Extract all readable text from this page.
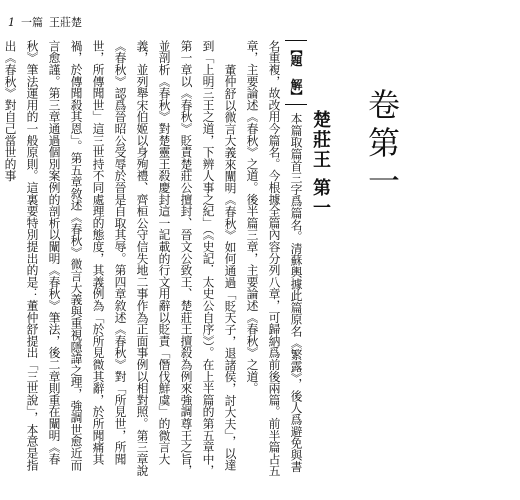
1 一篇 王莊楚
卷第一
楚莊王 第一

【題　解】 本篇取篇首三字爲篇名。清蘇輿據此篇原名《繁露》，後人爲避免與書名重複，故改用今篇名。今根據全篇內容分列八章，可歸納爲前後兩篇。前半篇占五章，主要論述《春秋》之道。後半篇三章，主要論述《春秋》之道。

董仲舒以微言大義來闡明《春秋》如何通過「貶天子，退諸侯，討大夫」，以達到「上明三王之道，下辨人事之紀」（《史記．太史公自序》）。在上半篇的第五章中，第一章以《春秋》貶責楚莊公擅封、晉文公致王、楚莊王擅殺為例來強調尊王之旨，並剖析《春秋》對楚靈王殺慶封這一記載的行文用辭以貶責「僭伐鮮虞」的微言大義，並列舉宋伯姬以身殉禮、齊桓公守信失地二事作為正面事例以相對照。第三章說《春秋》認爲晉昭公受辱於晉是自取其辱。第四章敘述《春秋》對「所見世，所聞世，所傳聞世」這三世持不同處理的態度，其義例為「於所見微其辭，於所聞痛其禍，於傳聞殺其恩」。第五章敘述《春秋》微言大義與重視隱諱之理，強調世愈近而言愈謹。第三章通過個別案例的剖析以闡明《春秋》筆法，後二章則重在闡明《春秋》筆法運用的一般原則。這裏要特別提出的是：董仲舒提出「三世說」，本意是指出《春秋》對自己當世的事
